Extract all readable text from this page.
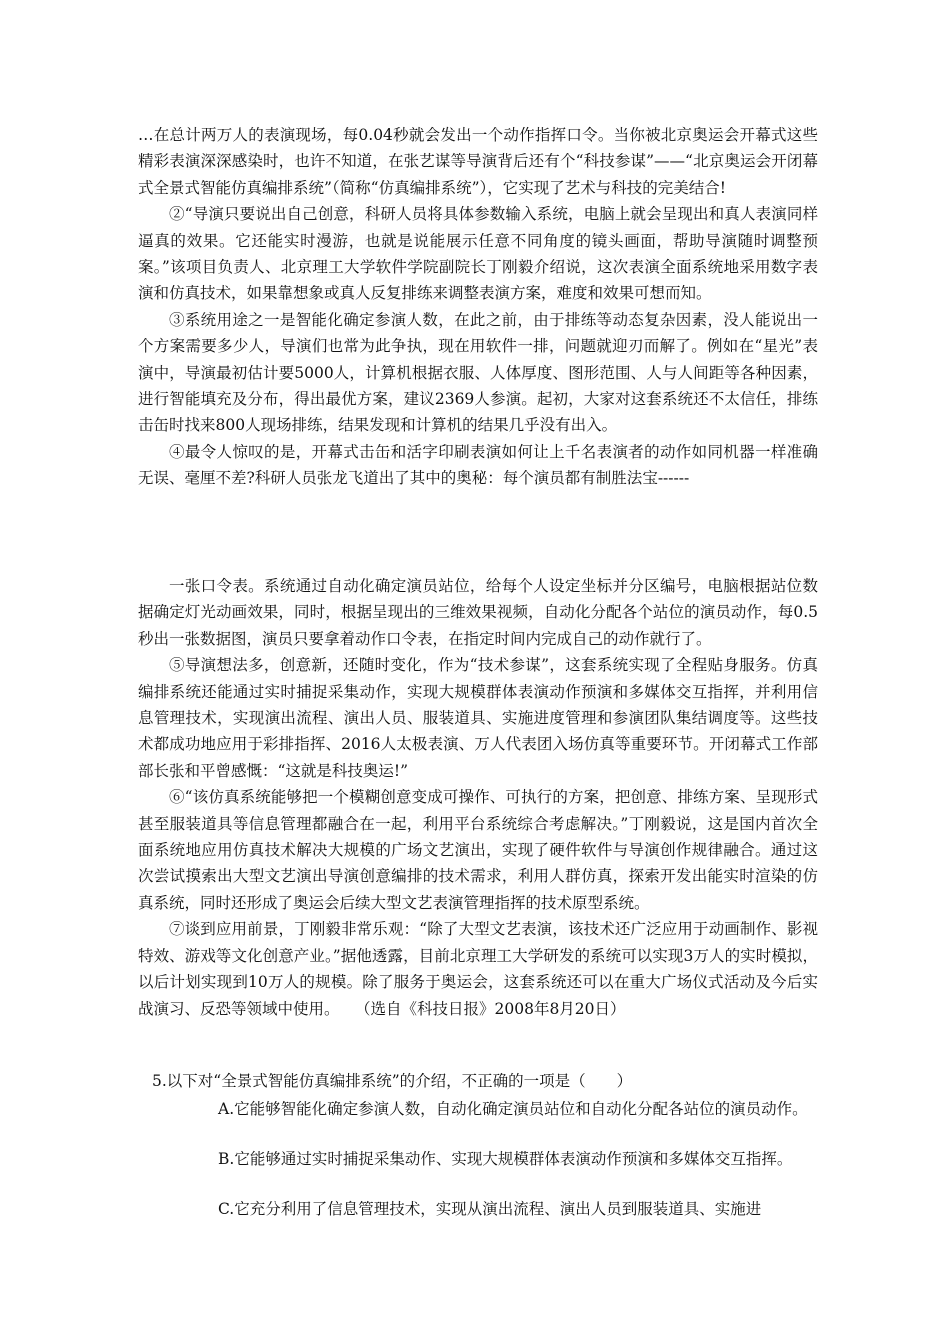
…在总计两万人的表演现场，每0.04秒就会发出一个动作指挥口令。当你被北京奥运会开幕式这些精彩表演深深感染时，也许不知道，在张艺谋等导演背后还有个“科技参谋”——“北京奥运会开闭幕式全景式智能仿真编排系统”（简称“仿真编排系统”），它实现了艺术与科技的完美结合!

②“导演只要说出自己创意，科研人员将具体参数输入系统，电脑上就会呈现出和真人表演同样逼真的效果。它还能实时漫游，也就是说能展示任意不同角度的镜头画面，帮助导演随时调整预案。”该项目负责人、北京理工大学软件学院副院长丁刚毅介绍说，这次表演全面系统地采用数字表演和仿真技术，如果靠想象或真人反复排练来调整表演方案，难度和效果可想而知。

③系统用途之一是智能化确定参演人数，在此之前，由于排练等动态复杂因素，没人能说出一个方案需要多少人，导演们也常为此争执，现在用软件一排，问题就迎刃而解了。例如在“星光”表演中，导演最初估计要5000人，计算机根据衣服、人体厚度、图形范围、人与人间距等各种因素，进行智能填充及分布，得出最优方案，建议2369人参演。起初，大家对这套系统还不太信任，排练击缶时找来800人现场排练，结果发现和计算机的结果几乎没有出入。

④最令人惊叹的是，开幕式击缶和活字印刷表演如何让上千名表演者的动作如同机器一样准确无误、毫厘不差?科研人员张龙飞道出了其中的奥秘：每个演员都有制胜法宝------

一张口令表。系统通过自动化确定演员站位，给每个人设定坐标并分区编号，电脑根据站位数据确定灯光动画效果，同时，根据呈现出的三维效果视频，自动化分配各个站位的演员动作，每0.5秒出一张数据图，演员只要拿着动作口令表，在指定时间内完成自己的动作就行了。

⑤导演想法多，创意新，还随时变化，作为“技术参谋”，这套系统实现了全程贴身服务。仿真编排系统还能通过实时捕捉采集动作，实现大规模群体表演动作预演和多媒体交互指挥，并利用信息管理技术，实现演出流程、演出人员、服装道具、实施进度管理和参演团队集结调度等。这些技术都成功地应用于彩排指挥、2016人太极表演、万人代表团入场仿真等重要环节。开闭幕式工作部部长张和平曾感慨：“这就是科技奥运!”

⑥“该仿真系统能够把一个模糊创意变成可操作、可执行的方案，把创意、排练方案、呈现形式甚至服装道具等信息管理都融合在一起，利用平台系统综合考虑解决。”丁刚毅说，这是国内首次全面系统地应用仿真技术解决大规模的广场文艺演出，实现了硬件软件与导演创作规律融合。通过这次尝试摸索出大型文艺演出导演创意编排的技术需求，利用人群仿真，探索开发出能实时渲染的仿真系统，同时还形成了奥运会后续大型文艺表演管理指挥的技术原型系统。

⑦谈到应用前景，丁刚毅非常乐观：“除了大型文艺表演，该技术还广泛应用于动画制作、影视特效、游戏等文化创意产业。”据他透露，目前北京理工大学研发的系统可以实现3万人的实时模拟，以后计划实现到10万人的规模。除了服务于奥运会，这套系统还可以在重大广场仪式活动及今后实战演习、反恐等领域中使用。　　（选自《科技日报》2008年8月20日）

5.以下对“全景式智能仿真编排系统”的介绍，不正确的一项是（　　）

A.它能够智能化确定参演人数，自动化确定演员站位和自动化分配各站位的演员动作。

B.它能够通过实时捕捉采集动作、实现大规模群体表演动作预演和多媒体交互指挥。

C.它充分利用了信息管理技术，实现从演出流程、演出人员到服装道具、实施进
